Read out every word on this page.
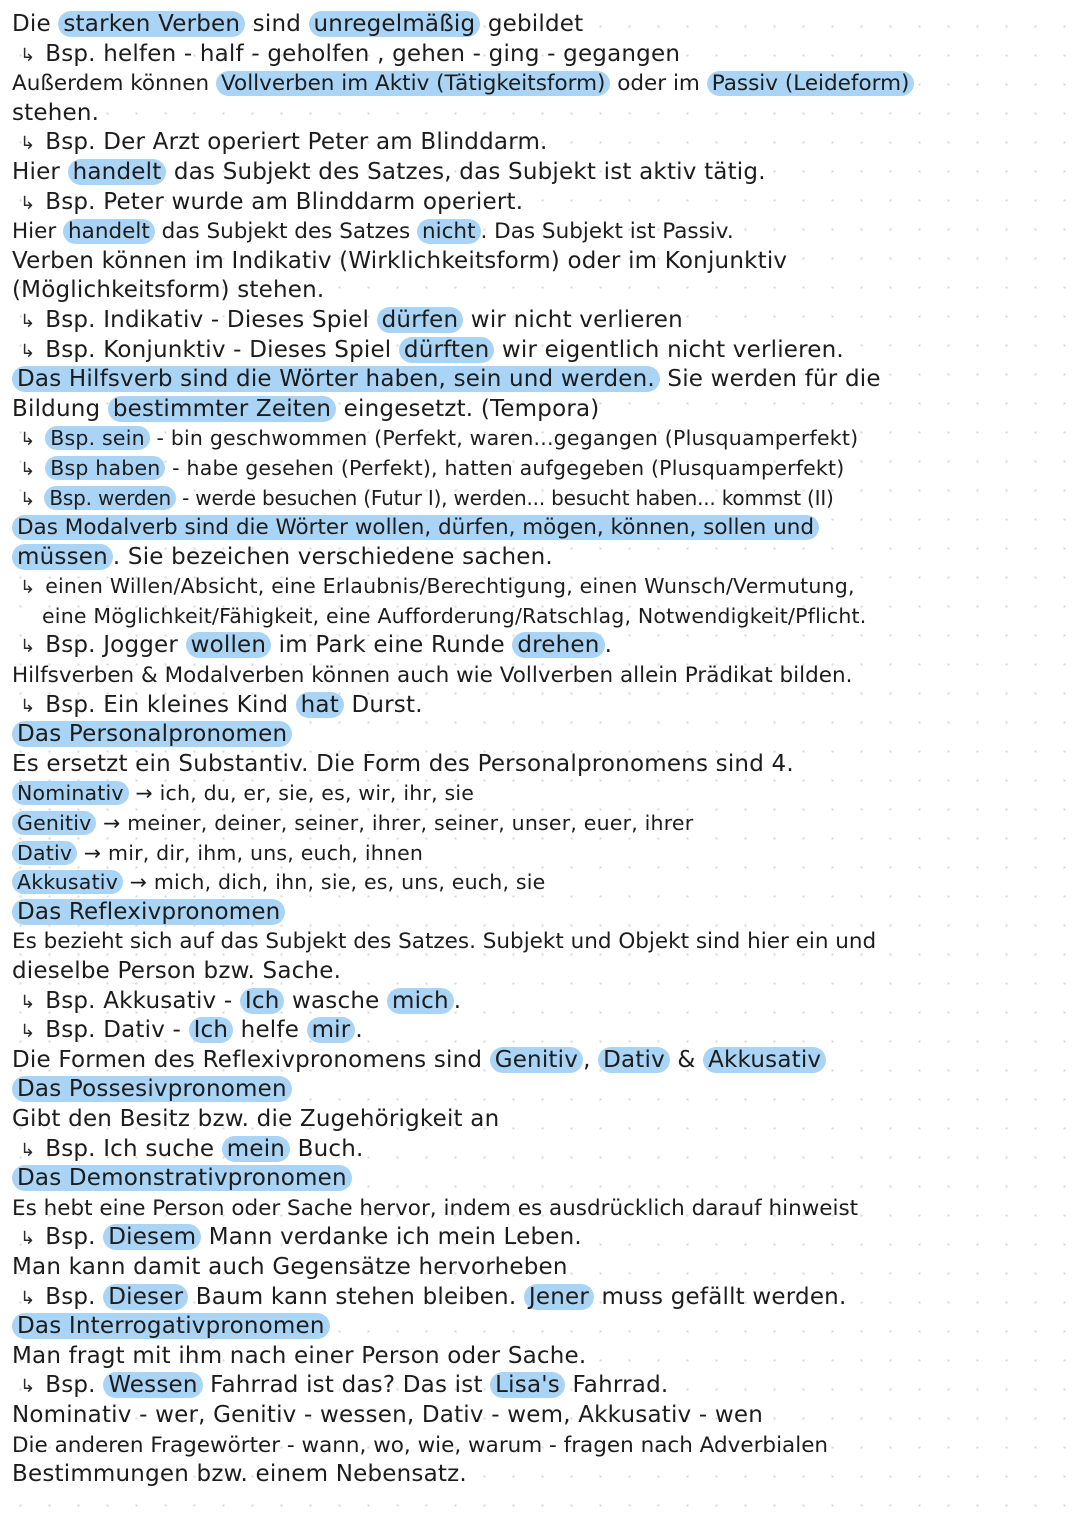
Die starken Verben sind unregelmäßig gebildet
↳ Bsp. helfen - half - geholfen , gehen - ging - gegangen
Außerdem können Vollverben im Aktiv (Tätigkeitsform) oder im Passiv (Leideform)
stehen.
↳ Bsp. Der Arzt operiert Peter am Blinddarm.
Hier handelt das Subjekt des Satzes, das Subjekt ist aktiv tätig.
↳ Bsp. Peter wurde am Blinddarm operiert.
Hier handelt das Subjekt des Satzes nicht . Das Subjekt ist Passiv.
Verben können im Indikativ (Wirklichkeitsform) oder im Konjunktiv
(Möglichkeitsform) stehen.
↳ Bsp. Indikativ - Dieses Spiel dürfen wir nicht verlieren
↳ Bsp. Konjunktiv - Dieses Spiel dürften wir eigentlich nicht verlieren.
Das Hilfsverb sind die Wörter haben, sein und werden. Sie werden für die
Bildung bestimmter Zeiten eingesetzt. (Tempora)
↳ Bsp. sein - bin geschwommen (Perfekt, waren...gegangen (Plusquamperfekt)
↳ Bsp haben - habe gesehen (Perfekt), hatten aufgegeben (Plusquamperfekt)
↳ Bsp. werden - werde besuchen (Futur I), werden... besucht haben... kommst (II)
Das Modalverb sind die Wörter wollen, dürfen, mögen, können, sollen und
müssen . Sie bezeichen verschiedene sachen.
↳ einen Willen/Absicht, eine Erlaubnis/Berechtigung, einen Wunsch/Vermutung,
eine Möglichkeit/Fähigkeit, eine Aufforderung/Ratschlag, Notwendigkeit/Pflicht.
↳ Bsp. Jogger wollen im Park eine Runde drehen .
Hilfsverben & Modalverben können auch wie Vollverben allein Prädikat bilden.
↳ Bsp. Ein kleines Kind hat Durst.
Das Personalpronomen
Es ersetzt ein Substantiv. Die Form des Personalpronomens sind 4.
Nominativ → ich, du, er, sie, es, wir, ihr, sie
Genitiv → meiner, deiner, seiner, ihrer, seiner, unser, euer, ihrer
Dativ → mir, dir, ihm, uns, euch, ihnen
Akkusativ → mich, dich, ihn, sie, es, uns, euch, sie
Das Reflexivpronomen
Es bezieht sich auf das Subjekt des Satzes. Subjekt und Objekt sind hier ein und
dieselbe Person bzw. Sache.
↳ Bsp. Akkusativ - Ich wasche mich .
↳ Bsp. Dativ - Ich helfe mir .
Die Formen des Reflexivpronomens sind Genitiv , Dativ & Akkusativ
Das Possesivpronomen
Gibt den Besitz bzw. die Zugehörigkeit an
↳ Bsp. Ich suche mein Buch.
Das Demonstrativpronomen
Es hebt eine Person oder Sache hervor, indem es ausdrücklich darauf hinweist
↳ Bsp. Diesem Mann verdanke ich mein Leben.
Man kann damit auch Gegensätze hervorheben
↳ Bsp. Dieser Baum kann stehen bleiben. Jener muss gefällt werden.
Das Interrogativpronomen
Man fragt mit ihm nach einer Person oder Sache.
↳ Bsp. Wessen Fahrrad ist das? Das ist Lisa's Fahrrad.
Nominativ - wer, Genitiv - wessen, Dativ - wem, Akkusativ - wen
Die anderen Fragewörter - wann, wo, wie, warum - fragen nach Adverbialen
Bestimmungen bzw. einem Nebensatz.
